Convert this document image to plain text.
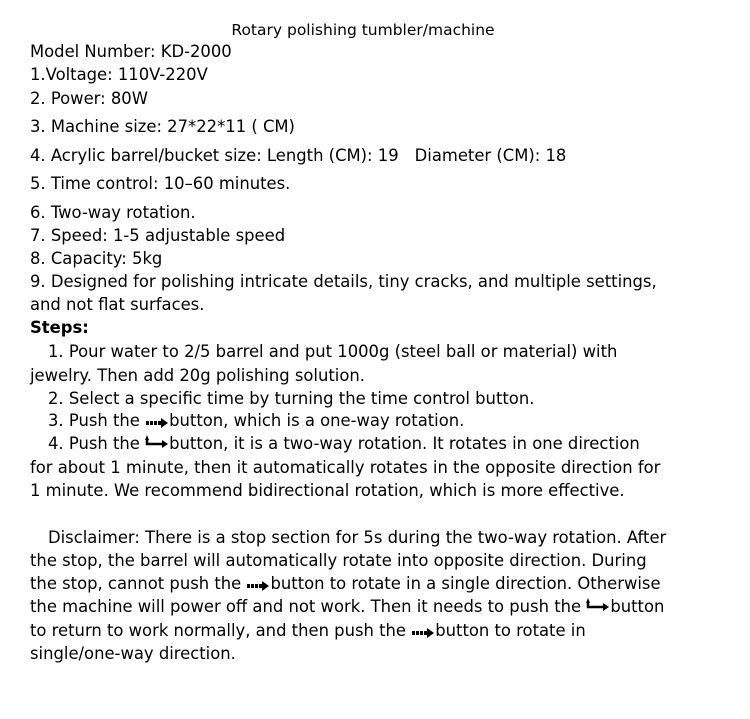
Rotary polishing tumbler/machine
Model Number: KD-2000
1.Voltage: 110V-220V
2. Power: 80W
3. Machine size: 27*22*11 ( CM)
4. Acrylic barrel/bucket size: Length (CM): 19 Diameter (CM): 18
5. Time control: 10–60 minutes.
6. Two-way rotation.
7. Speed: 1-5 adjustable speed
8. Capacity: 5kg
9. Designed for polishing intricate details, tiny cracks, and multiple settings,
and not flat surfaces.
Steps:
1. Pour water to 2/5 barrel and put 1000g (steel ball or material) with
jewelry. Then add 20g polishing solution.
2. Select a specific time by turning the time control button.
3. Push the button, which is a one-way rotation.
4. Push the button, it is a two-way rotation. It rotates in one direction
for about 1 minute, then it automatically rotates in the opposite direction for
1 minute. We recommend bidirectional rotation, which is more effective.
Disclaimer: There is a stop section for 5s during the two-way rotation. After
the stop, the barrel will automatically rotate into opposite direction. During
the stop, cannot push the button to rotate in a single direction. Otherwise
the machine will power off and not work. Then it needs to push the button
to return to work normally, and then push the button to rotate in
single/one-way direction.
